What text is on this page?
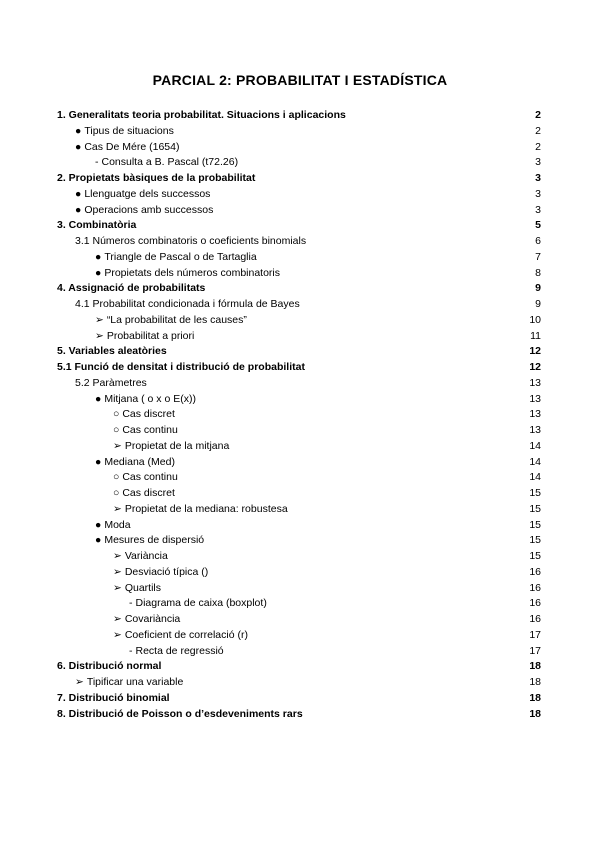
PARCIAL 2: PROBABILITAT I ESTADÍSTICA
1. Generalitats teoria probabilitat. Situacions i aplicacions	2
● Tipus de situacions	2
● Cas De Mére (1654)	2
- Consulta a B. Pascal (t72.26)	3
2. Propietats bàsiques de la probabilitat	3
● Llenguatge dels successos	3
● Operacions amb successos	3
3. Combinatòria	5
3.1 Números combinatoris o coeficients binomials	6
● Triangle de Pascal o de Tartaglia	7
● Propietats dels números combinatoris	8
4. Assignació de probabilitats	9
4.1 Probabilitat condicionada i fórmula de Bayes	9
➢ “La probabilitat de les causes”	10
➢ Probabilitat a priori	11
5. Variables aleatòries	12
5.1 Funció de densitat i distribució de probabilitat	12
5.2 Paràmetres	13
● Mitjana ( o x o E(x))	13
○ Cas discret	13
○ Cas continu	13
➢ Propietat de la mitjana	14
● Mediana (Med)	14
○ Cas continu	14
○ Cas discret	15
➢ Propietat de la mediana: robustesa	15
● Moda	15
● Mesures de dispersió	15
➢ Variància	15
➢ Desviació típica ()	16
➢ Quartils	16
- Diagrama de caixa (boxplot)	16
➢ Covariància	16
➢ Coeficient de correlació (r)	17
- Recta de regressió	17
6. Distribució normal	18
➢ Tipificar una variable	18
7. Distribució binomial	18
8. Distribució de Poisson o d’esdeveniments rars	18
